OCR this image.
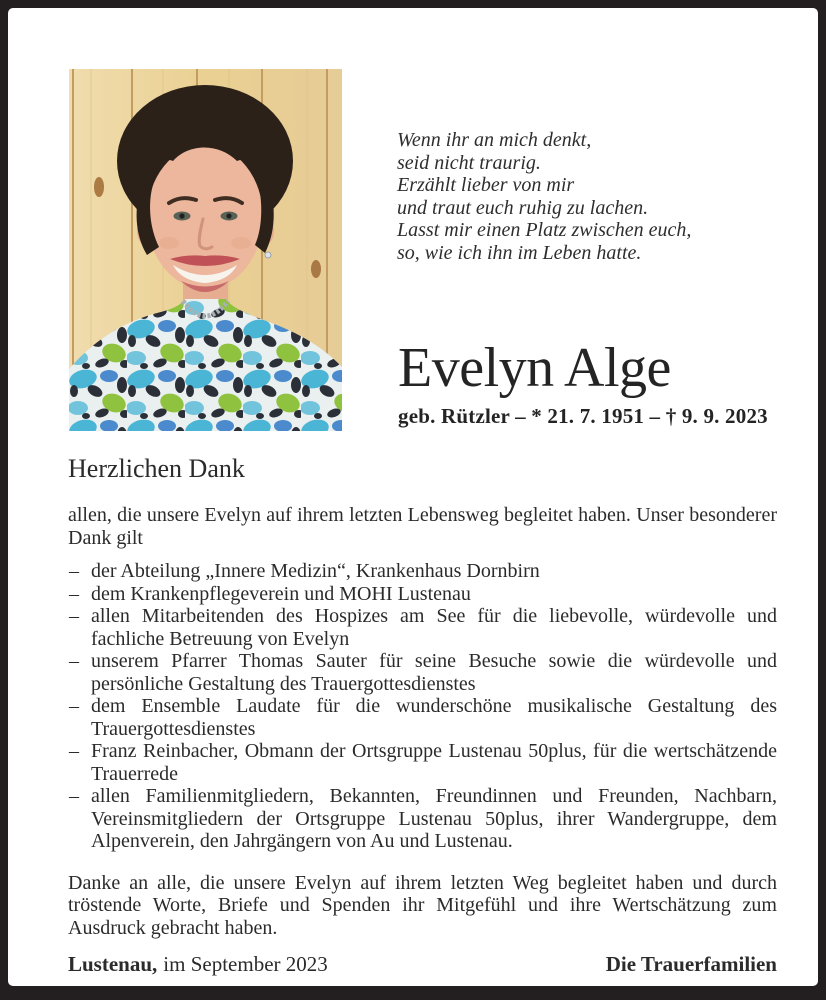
Wenn ihr an mich denkt,
seid nicht traurig.
Erzählt lieber von mir
und traut euch ruhig zu lachen.
Lasst mir einen Platz zwischen euch,
so, wie ich ihn im Leben hatte.
Evelyn Alge
geb. Rützler – * 21. 7. 1951 – † 9. 9. 2023
Herzlichen Dank

allen, die unsere Evelyn auf ihrem letzten Lebensweg begleitet haben. Unser besonderer Dank gilt

– der Abteilung „Innere Medizin“, Krankenhaus Dornbirn
– dem Krankenpflegeverein und MOHI Lustenau
– allen Mitarbeitenden des Hospizes am See für die liebevolle, würdevolle und fachliche Betreuung von Evelyn
– unserem Pfarrer Thomas Sauter für seine Besuche sowie die würdevolle und persönliche Gestaltung des Trauergottesdienstes
– dem Ensemble Laudate für die wunderschöne musikalische Gestaltung des Trauergottesdienstes
– Franz Reinbacher, Obmann der Ortsgruppe Lustenau 50plus, für die wertschätzende Trauerrede
– allen Familienmitgliedern, Bekannten, Freundinnen und Freunden, Nachbarn, Vereinsmitgliedern der Ortsgruppe Lustenau 50plus, ihrer Wandergruppe, dem Alpenverein, den Jahrgängern von Au und Lustenau.

Danke an alle, die unsere Evelyn auf ihrem letzten Weg begleitet haben und durch tröstende Worte, Briefe und Spenden ihr Mitgefühl und ihre Wertschätzung zum Ausdruck gebracht haben.

Lustenau, im September 2023	Die Trauerfamilien
